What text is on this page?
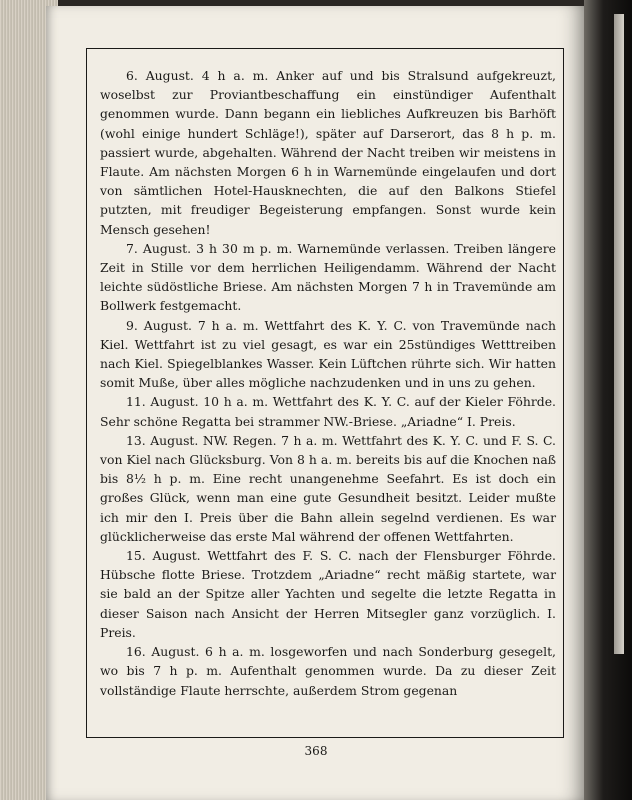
6. August. 4 h a. m. Anker auf und bis Stralsund aufgekreuzt, woselbst zur Proviantbeschaffung ein einstündiger Aufenthalt genommen wurde. Dann begann ein liebliches Aufkreuzen bis Barhöft (wohl einige hundert Schläge!), später auf Darserort, das 8 h p. m. passiert wurde, abgehalten. Während der Nacht treiben wir meistens in Flaute. Am nächsten Morgen 6 h in Warnemünde eingelaufen und dort von sämtlichen Hotel-Hausknechten, die auf den Balkons Stiefel putzten, mit freudiger Begeisterung empfangen. Sonst wurde kein Mensch gesehen!

7. August. 3 h 30 m p. m. Warnemünde verlassen. Treiben längere Zeit in Stille vor dem herrlichen Heiligendamm. Während der Nacht leichte südöstliche Briese. Am nächsten Morgen 7 h in Travemünde am Bollwerk festgemacht.

9. August. 7 h a. m. Wettfahrt des K. Y. C. von Travemünde nach Kiel. Wettfahrt ist zu viel gesagt, es war ein 25stündiges Wetttreiben nach Kiel. Spiegelblankes Wasser. Kein Lüftchen rührte sich. Wir hatten somit Muße, über alles mögliche nachzudenken und in uns zu gehen.

11. August. 10 h a. m. Wettfahrt des K. Y. C. auf der Kieler Föhrde. Sehr schöne Regatta bei strammer NW.-Briese. „Ariadne“ I. Preis.

13. August. NW. Regen. 7 h a. m. Wettfahrt des K. Y. C. und F. S. C. von Kiel nach Glücksburg. Von 8 h a. m. bereits bis auf die Knochen naß bis 8½ h p. m. Eine recht unangenehme Seefahrt. Es ist doch ein großes Glück, wenn man eine gute Gesundheit besitzt. Leider mußte ich mir den I. Preis über die Bahn allein segelnd verdienen. Es war glücklicherweise das erste Mal während der offenen Wettfahrten.

15. August. Wettfahrt des F. S. C. nach der Flensburger Föhrde. Hübsche flotte Briese. Trotzdem „Ariadne“ recht mäßig startete, war sie bald an der Spitze aller Yachten und segelte die letzte Regatta in dieser Saison nach Ansicht der Herren Mitsegler ganz vorzüglich. I. Preis.

16. August. 6 h a. m. losgeworfen und nach Sonderburg gesegelt, wo bis 7 h p. m. Aufenthalt genommen wurde. Da zu dieser Zeit vollständige Flaute herrschte, außerdem Strom gegenan

368
